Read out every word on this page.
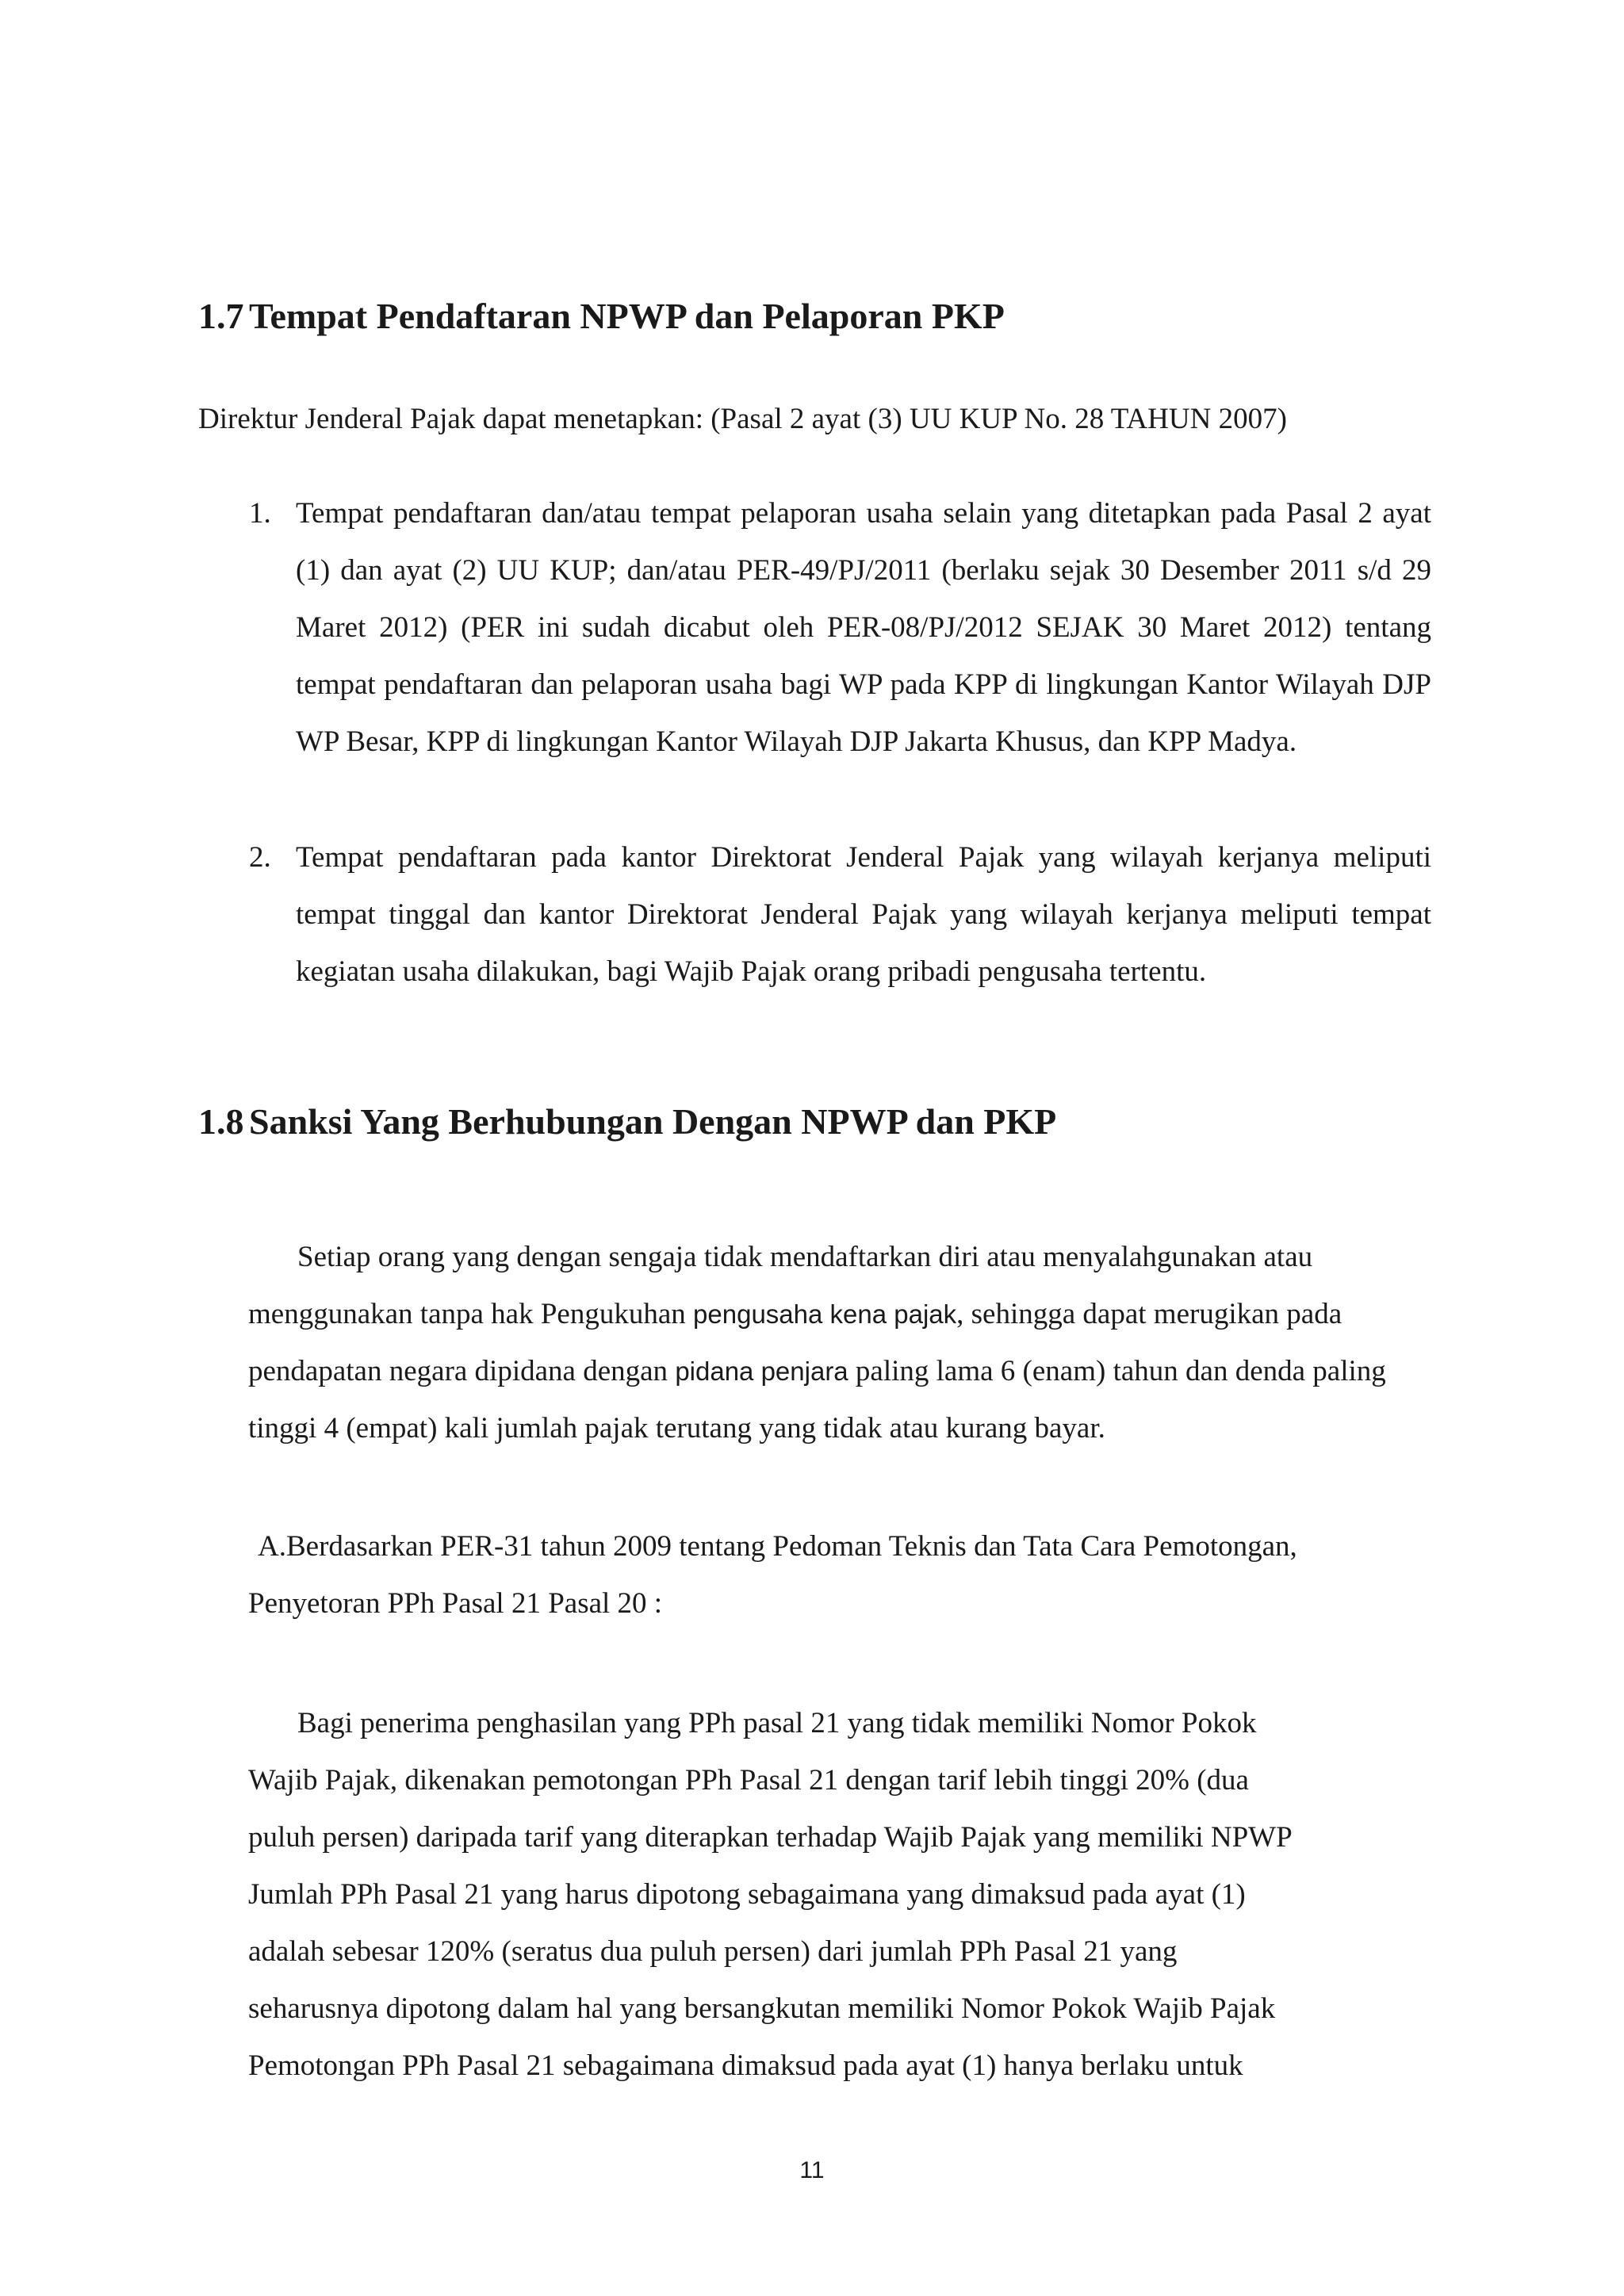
1.7 Tempat Pendaftaran NPWP dan Pelaporan PKP

Direktur Jenderal Pajak dapat menetapkan: (Pasal 2 ayat (3) UU KUP No. 28 TAHUN 2007)

1. Tempat pendaftaran dan/atau tempat pelaporan usaha selain yang ditetapkan pada Pasal 2 ayat (1) dan ayat (2) UU KUP; dan/atau PER-49/PJ/2011 (berlaku sejak 30 Desember 2011 s/d 29 Maret 2012) (PER ini sudah dicabut oleh PER-08/PJ/2012 SEJAK 30 Maret 2012) tentang tempat pendaftaran dan pelaporan usaha bagi WP pada KPP di lingkungan Kantor Wilayah DJP WP Besar, KPP di lingkungan Kantor Wilayah DJP Jakarta Khusus, dan KPP Madya.

2. Tempat pendaftaran pada kantor Direktorat Jenderal Pajak yang wilayah kerjanya meliputi tempat tinggal dan kantor Direktorat Jenderal Pajak yang wilayah kerjanya meliputi tempat kegiatan usaha dilakukan, bagi Wajib Pajak orang pribadi pengusaha tertentu.

1.8 Sanksi Yang Berhubungan Dengan NPWP dan PKP

Setiap orang yang dengan sengaja tidak mendaftarkan diri atau menyalahgunakan atau menggunakan tanpa hak Pengukuhan pengusaha kena pajak, sehingga dapat merugikan pada pendapatan negara dipidana dengan pidana penjara paling lama 6 (enam) tahun dan denda paling tinggi 4 (empat) kali jumlah pajak terutang yang tidak atau kurang bayar.

A.Berdasarkan PER-31 tahun 2009 tentang Pedoman Teknis dan Tata Cara Pemotongan, Penyetoran PPh Pasal 21 Pasal 20 :

Bagi penerima penghasilan yang PPh pasal 21 yang tidak memiliki Nomor Pokok
Wajib Pajak, dikenakan pemotongan PPh Pasal 21 dengan tarif lebih tinggi 20% (dua
puluh persen) daripada tarif yang diterapkan terhadap Wajib Pajak yang memiliki NPWP
Jumlah PPh Pasal 21 yang harus dipotong sebagaimana yang dimaksud pada ayat (1)
adalah sebesar 120% (seratus dua puluh persen) dari jumlah PPh Pasal 21 yang
seharusnya dipotong dalam hal yang bersangkutan memiliki Nomor Pokok Wajib Pajak
Pemotongan PPh Pasal 21 sebagaimana dimaksud pada ayat (1) hanya berlaku untuk
11
